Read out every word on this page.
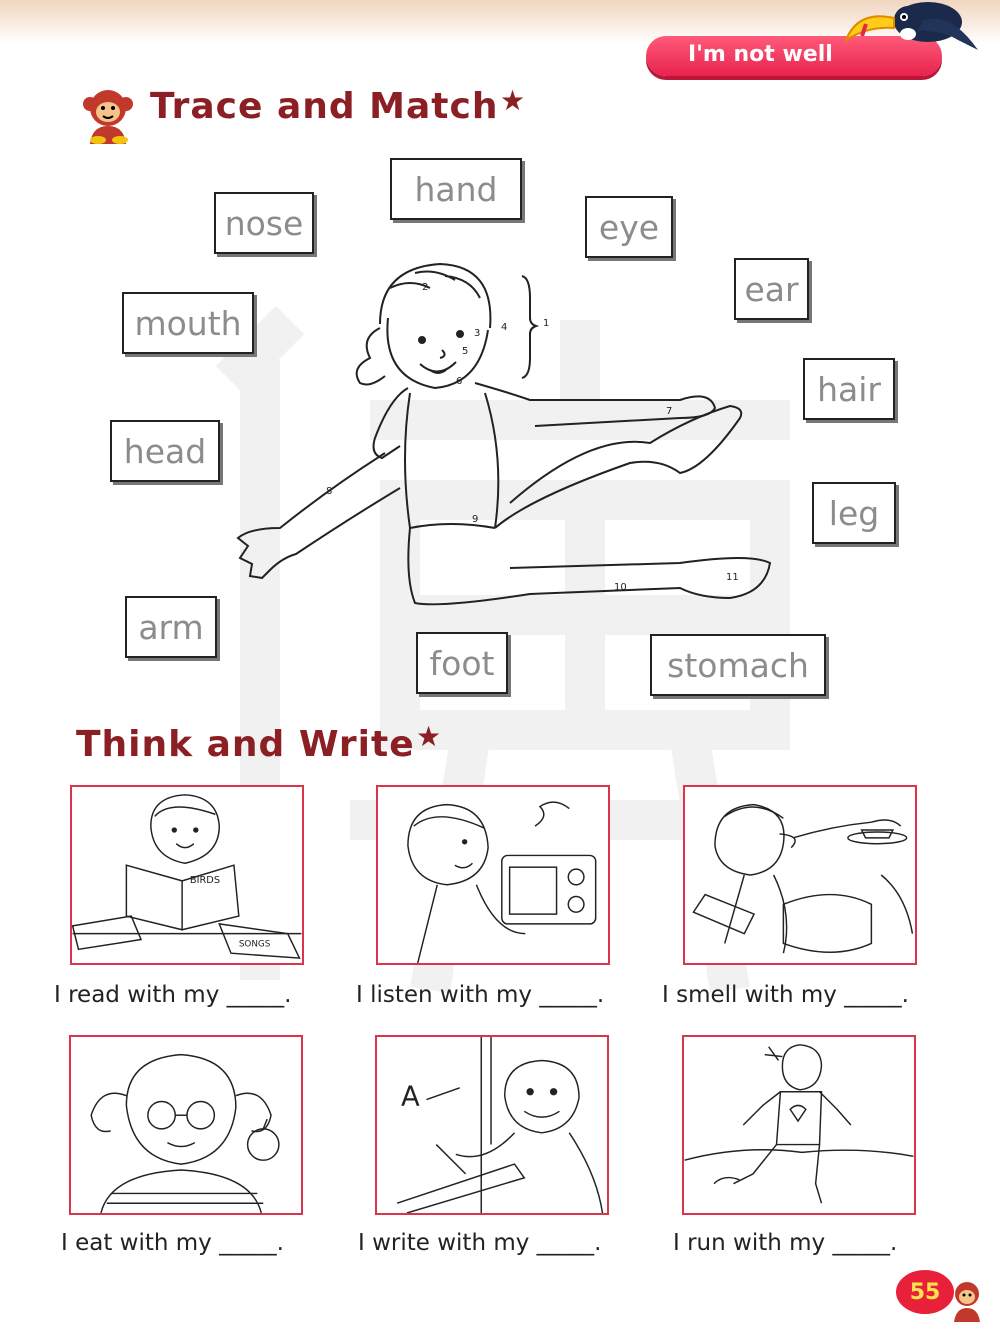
I'm not well
Trace and Match ★
hand
nose	eye
ear
mouth
hair
head
leg
arm
foot	stomach
1
2
3
4
5
6
7
8
9
10
11
Think and Write ★
BIRDS
SONGS
I read with my _____.	I listen with my _____.	I smell with my _____.
A
I eat with my _____.	I write with my _____.	I run with my _____.
55
